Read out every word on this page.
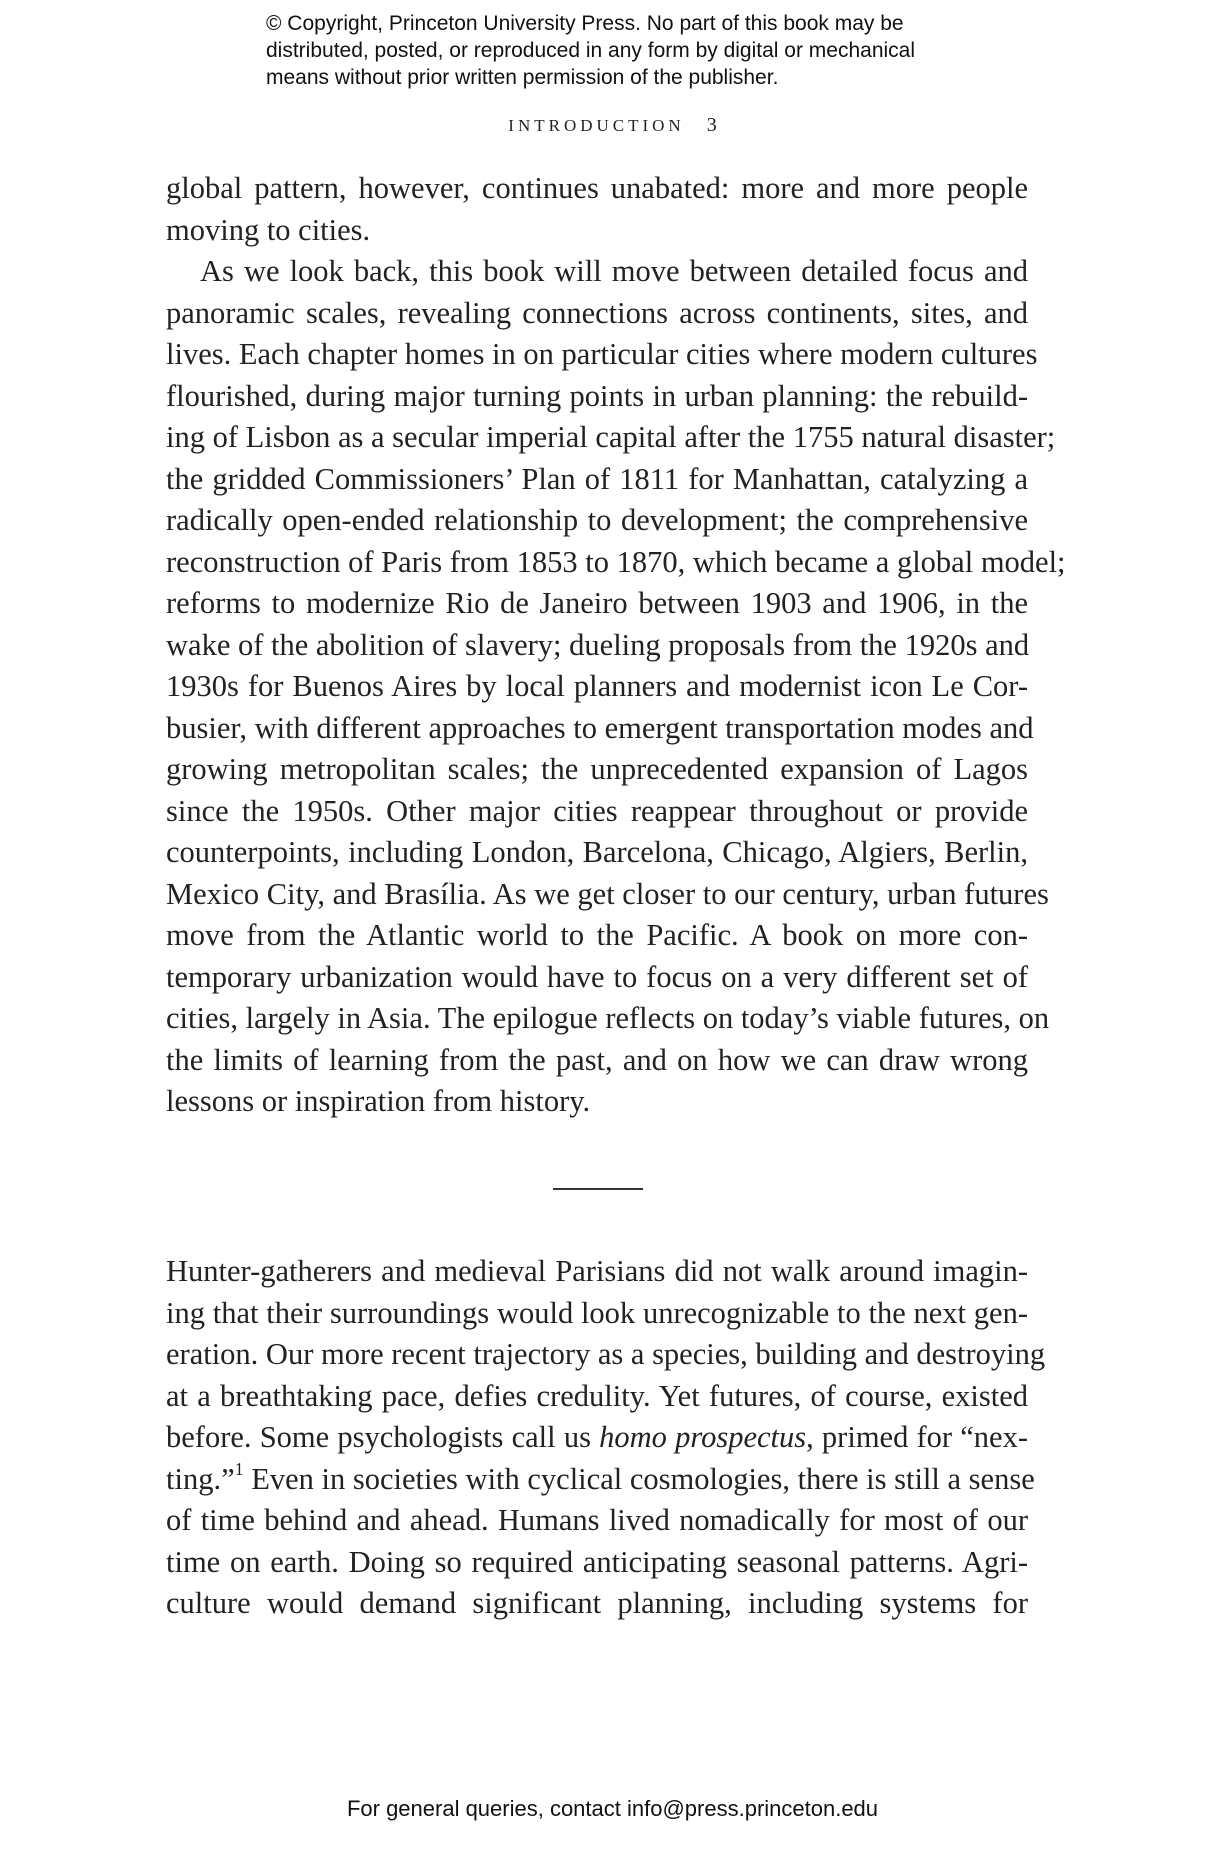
© Copyright, Princeton University Press. No part of this book may be

distributed, posted, or reproduced in any form by digital or mechanical

means without prior written permission of the publisher.

INTRODUCTION 3
global pattern, however, continues unabated: more and more people
moving to cities.
As we look back, this book will move between detailed focus and
panoramic scales, revealing connections across continents, sites, and
lives. Each chapter homes in on particular cities where modern cultures
flourished, during major turning points in urban planning: the rebuild-
ing of Lisbon as a secular imperial capital after the 1755 natural disaster;
the gridded Commissioners’ Plan of 1811 for Manhattan, catalyzing a
radically open-ended relationship to development; the comprehensive
reconstruction of Paris from 1853 to 1870, which became a global model;
reforms to modernize Rio de Janeiro between 1903 and 1906, in the
wake of the abolition of slavery; dueling proposals from the 1920s and
1930s for Buenos Aires by local planners and modernist icon Le Cor-
busier, with different approaches to emergent transportation modes and
growing metropolitan scales; the unprecedented expansion of Lagos
since the 1950s. Other major cities reappear throughout or provide
counterpoints, including London, Barcelona, Chicago, Algiers, Berlin,
Mexico City, and Brasília. As we get closer to our century, urban futures
move from the Atlantic world to the Pacific. A book on more con-
temporary urbanization would have to focus on a very different set of
cities, largely in Asia. The epilogue reflects on today’s viable futures, on
the limits of learning from the past, and on how we can draw wrong
lessons or inspiration from history.
Hunter-gatherers and medieval Parisians did not walk around imagin-
ing that their surroundings would look unrecognizable to the next gen-
eration. Our more recent trajectory as a species, building and destroying
at a breathtaking pace, defies credulity. Yet futures, of course, existed
before. Some psychologists call us homo prospectus, primed for “nex-
ting.”$^1$ Even in societies with cyclical cosmologies, there is still a sense
of time behind and ahead. Humans lived nomadically for most of our
time on earth. Doing so required anticipating seasonal patterns. Agri-
culture would demand significant planning, including systems for
For general queries, contact info@press.princeton.edu
